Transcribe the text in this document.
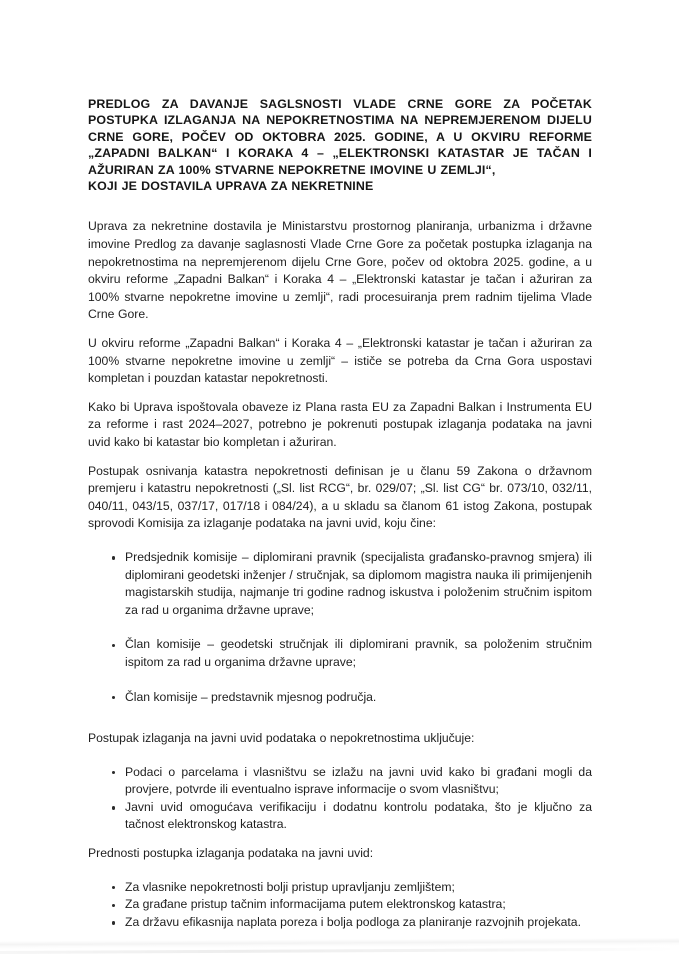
PREDLOG ZA DAVANJE SAGLSNOSTI VLADE CRNE GORE ZA POČETAK POSTUPKA IZLAGANJA NA NEPOKRETNOSTIMA NA NEPREMJERENOM DIJELU CRNE GORE, POČEV OD OKTOBRA 2025. GODINE, A U OKVIRU REFORME „ZAPADNI BALKAN“ I KORAKA 4 – „ELEKTRONSKI KATASTAR JE TAČAN I AŽURIRAN ZA 100% STVARNE NEPOKRETNE IMOVINE U ZEMLJI“,
KOJI JE DOSTAVILA UPRAVA ZA NEKRETNINE

Uprava za nekretnine dostavila je Ministarstvu prostornog planiranja, urbanizma i državne imovine Predlog za davanje saglasnosti Vlade Crne Gore za početak postupka izlaganja na nepokretnostima na nepremjerenom dijelu Crne Gore, počev od oktobra 2025. godine, a u okviru reforme „Zapadni Balkan“ i Koraka 4 – „Elektronski katastar je tačan i ažuriran za 100% stvarne nepokretne imovine u zemlji“, radi procesuiranja prem radnim tijelima Vlade Crne Gore.

U okviru reforme „Zapadni Balkan“ i Koraka 4 – „Elektronski katastar je tačan i ažuriran za 100% stvarne nepokretne imovine u zemlji“ – ističe se potreba da Crna Gora uspostavi kompletan i pouzdan katastar nepokretnosti.

Kako bi Uprava ispoštovala obaveze iz Plana rasta EU za Zapadni Balkan i Instrumenta EU za reforme i rast 2024–2027, potrebno je pokrenuti postupak izlaganja podataka na javni uvid kako bi katastar bio kompletan i ažuriran.

Postupak osnivanja katastra nepokretnosti definisan je u članu 59 Zakona o državnom premjeru i katastru nepokretnosti („Sl. list RCG“, br. 029/07; „Sl. list CG“ br. 073/10, 032/11, 040/11, 043/15, 037/17, 017/18 i 084/24), a u skladu sa članom 61 istog Zakona, postupak sprovodi Komisija za izlaganje podataka na javni uvid, koju čine:

Predsjednik komisije – diplomirani pravnik (specijalista građansko-pravnog smjera) ili diplomirani geodetski inženjer / stručnjak, sa diplomom magistra nauka ili primijenjenih magistarskih studija, najmanje tri godine radnog iskustva i položenim stručnim ispitom za rad u organima državne uprave;
Član komisije – geodetski stručnjak ili diplomirani pravnik, sa položenim stručnim ispitom za rad u organima državne uprave;
Član komisije – predstavnik mjesnog područja.

Postupak izlaganja na javni uvid podataka o nepokretnostima uključuje:

Podaci o parcelama i vlasništvu se izlažu na javni uvid kako bi građani mogli da provjere, potvrde ili eventualno isprave informacije o svom vlasništvu;
Javni uvid omogućava verifikaciju i dodatnu kontrolu podataka, što je ključno za tačnost elektronskog katastra.

Prednosti postupka izlaganja podataka na javni uvid:

Za vlasnike nepokretnosti bolji pristup upravljanju zemljištem;
Za građane pristup tačnim informacijama putem elektronskog katastra;
Za državu efikasnija naplata poreza i bolja podloga za planiranje razvojnih projekata.
